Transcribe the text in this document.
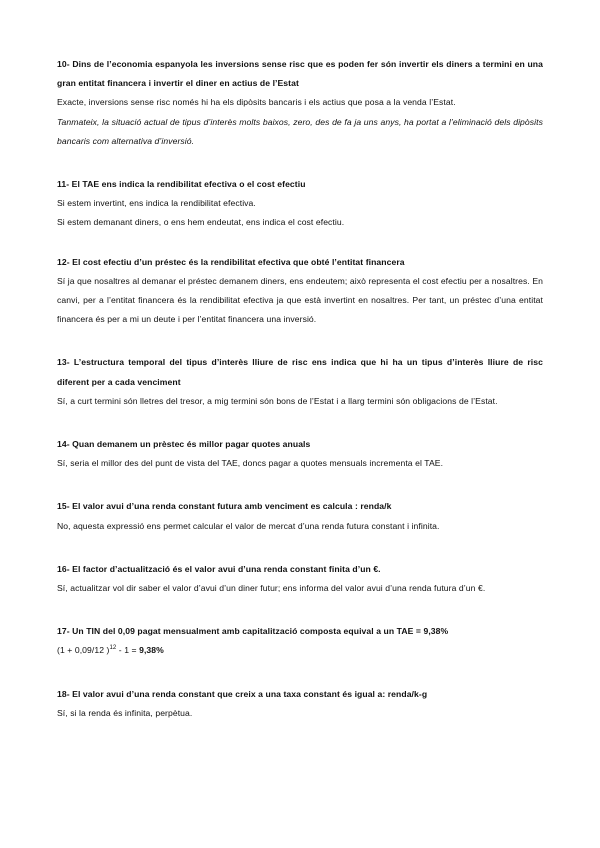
10- Dins de l’economia espanyola les inversions sense risc que es poden fer són invertir els diners a termini en una gran entitat financera i invertir el diner en actius de l’Estat
Exacte, inversions sense risc només hi ha els dipòsits bancaris i els actius que posa a la venda l’Estat.
Tanmateix, la situació actual de tipus d’interès molts baixos, zero, des de fa ja uns anys, ha portat a l’eliminació dels dipòsits bancaris com alternativa d’inversió.
11- El TAE ens indica la rendibilitat efectiva o el cost efectiu
Si estem invertint, ens indica la rendibilitat efectiva.
Si estem demanant diners, o ens hem endeutat, ens indica el cost efectiu.
12- El cost efectiu d’un préstec és la rendibilitat efectiva que obté l’entitat financera
Sí ja que nosaltres al demanar el préstec demanem diners, ens endeutem; això representa el cost efectiu per a nosaltres. En canvi, per a l’entitat financera és la rendibilitat efectiva ja que està invertint en nosaltres. Per tant, un préstec d’una entitat financera és per a mi un deute i per l’entitat financera una inversió.
13- L’estructura temporal del tipus d’interès lliure de risc ens indica que hi ha un tipus d’interès lliure de risc diferent per a cada venciment
Sí, a curt termini són lletres del tresor, a mig termini són bons de l’Estat i a llarg termini són obligacions de l’Estat.
14- Quan demanem un prèstec és millor pagar quotes anuals
Sí, seria el millor des del punt de vista del TAE, doncs pagar a quotes mensuals incrementa el TAE.
15- El valor avui d’una renda constant futura amb venciment es calcula : renda/k
No, aquesta expressió ens permet calcular el valor de mercat d’una renda futura constant i infinita.
16- El factor d’actualització és el valor avui d’una renda constant finita d’un €.
Sí, actualitzar vol dir saber el valor d’avui d’un diner futur; ens informa del valor avui d’una renda futura d’un €.
17- Un TIN del 0,09 pagat mensualment amb capitalització composta equival a un TAE = 9,38%
(1 + 0,09/12 )$^{12}$ - 1 = 9,38%
18- El valor avui d’una renda constant que creix a una taxa constant és igual a: renda/k-g
Sí, si la renda és infinita, perpètua.
